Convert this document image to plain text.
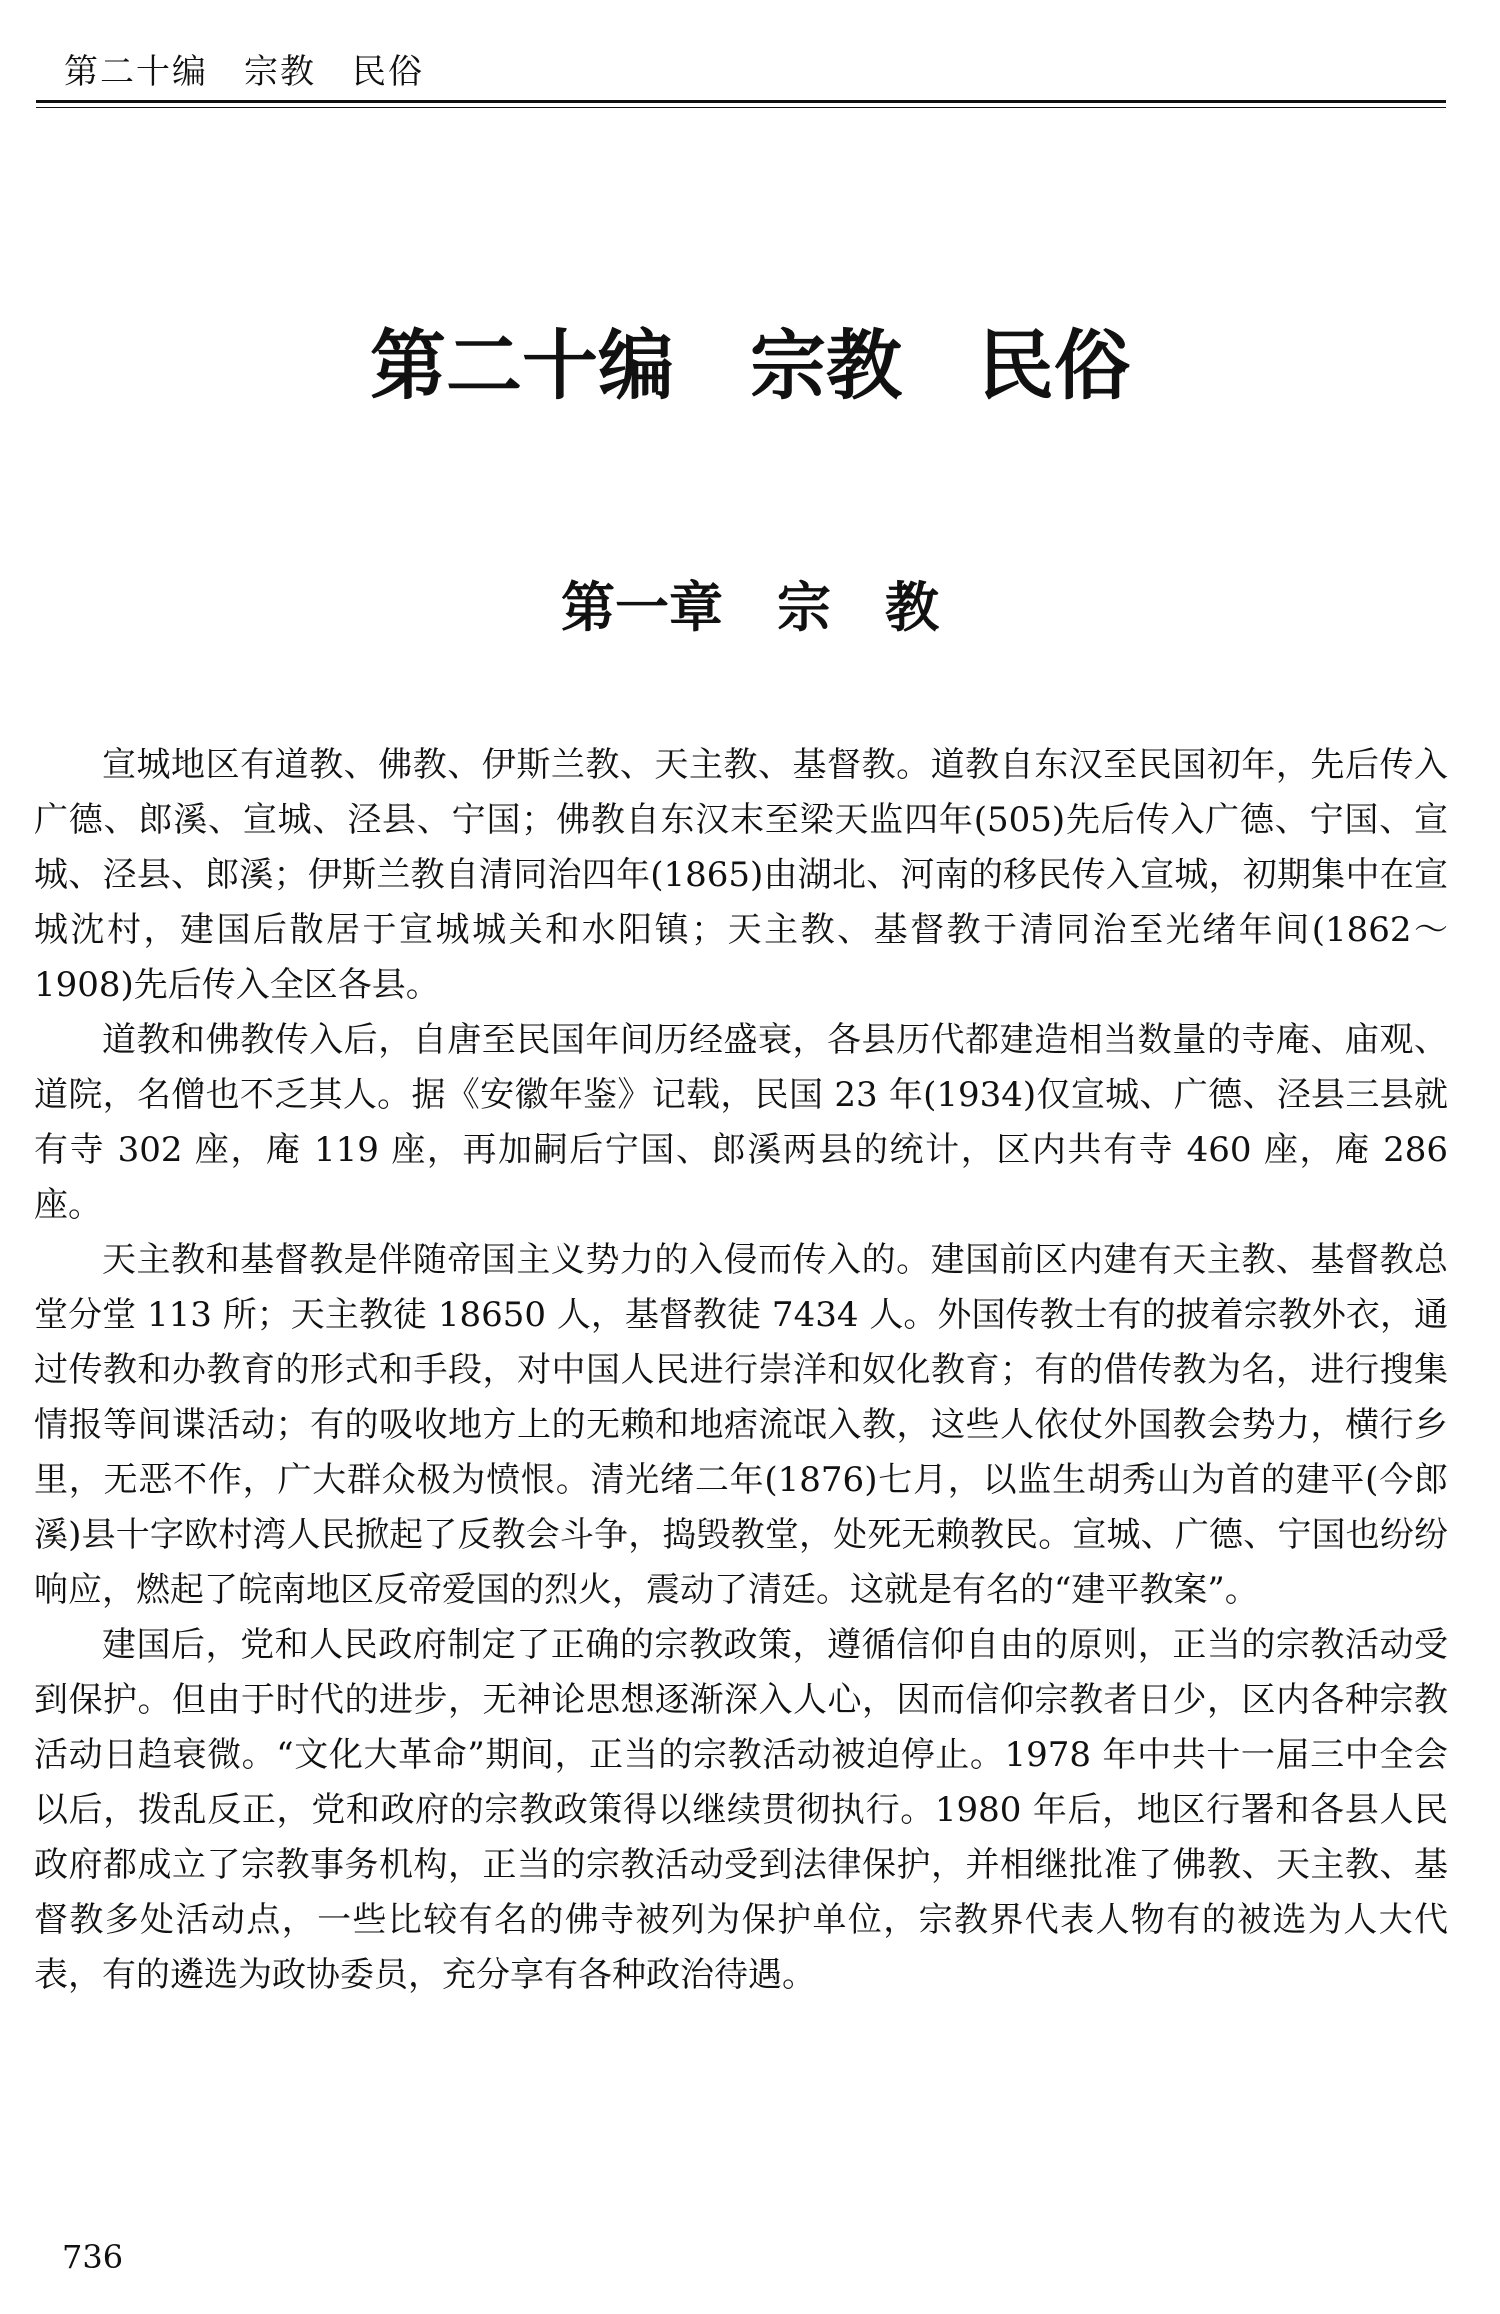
第二十编　宗教　民俗
第二十编　宗教　民俗
第一章　宗　教

宣城地区有道教、佛教、伊斯兰教、天主教、基督教。道教自东汉至民国初年，先后传入广德、郎溪、宣城、泾县、宁国；佛教自东汉末至梁天监四年(505)先后传入广德、宁国、宣城、泾县、郎溪；伊斯兰教自清同治四年(1865)由湖北、河南的移民传入宣城，初期集中在宣城沈村，建国后散居于宣城城关和水阳镇；天主教、基督教于清同治至光绪年间(1862～1908)先后传入全区各县。

道教和佛教传入后，自唐至民国年间历经盛衰，各县历代都建造相当数量的寺庵、庙观、道院，名僧也不乏其人。据《安徽年鉴》记载，民国 23 年(1934)仅宣城、广德、泾县三县就有寺 302 座，庵 119 座，再加嗣后宁国、郎溪两县的统计，区内共有寺 460 座，庵 286 座。

天主教和基督教是伴随帝国主义势力的入侵而传入的。建国前区内建有天主教、基督教总堂分堂 113 所；天主教徒 18650 人，基督教徒 7434 人。外国传教士有的披着宗教外衣，通过传教和办教育的形式和手段，对中国人民进行崇洋和奴化教育；有的借传教为名，进行搜集情报等间谍活动；有的吸收地方上的无赖和地痞流氓入教，这些人依仗外国教会势力，横行乡里，无恶不作，广大群众极为愤恨。清光绪二年(1876)七月，以监生胡秀山为首的建平(今郎溪)县十字欧村湾人民掀起了反教会斗争，捣毁教堂，处死无赖教民。宣城、广德、宁国也纷纷响应，燃起了皖南地区反帝爱国的烈火，震动了清廷。这就是有名的“建平教案”。

建国后，党和人民政府制定了正确的宗教政策，遵循信仰自由的原则，正当的宗教活动受到保护。但由于时代的进步，无神论思想逐渐深入人心，因而信仰宗教者日少，区内各种宗教活动日趋衰微。“文化大革命”期间，正当的宗教活动被迫停止。1978 年中共十一届三中全会以后，拨乱反正，党和政府的宗教政策得以继续贯彻执行。1980 年后，地区行署和各县人民政府都成立了宗教事务机构，正当的宗教活动受到法律保护，并相继批准了佛教、天主教、基督教多处活动点，一些比较有名的佛寺被列为保护单位，宗教界代表人物有的被选为人大代表，有的遴选为政协委员，充分享有各种政治待遇。

736
